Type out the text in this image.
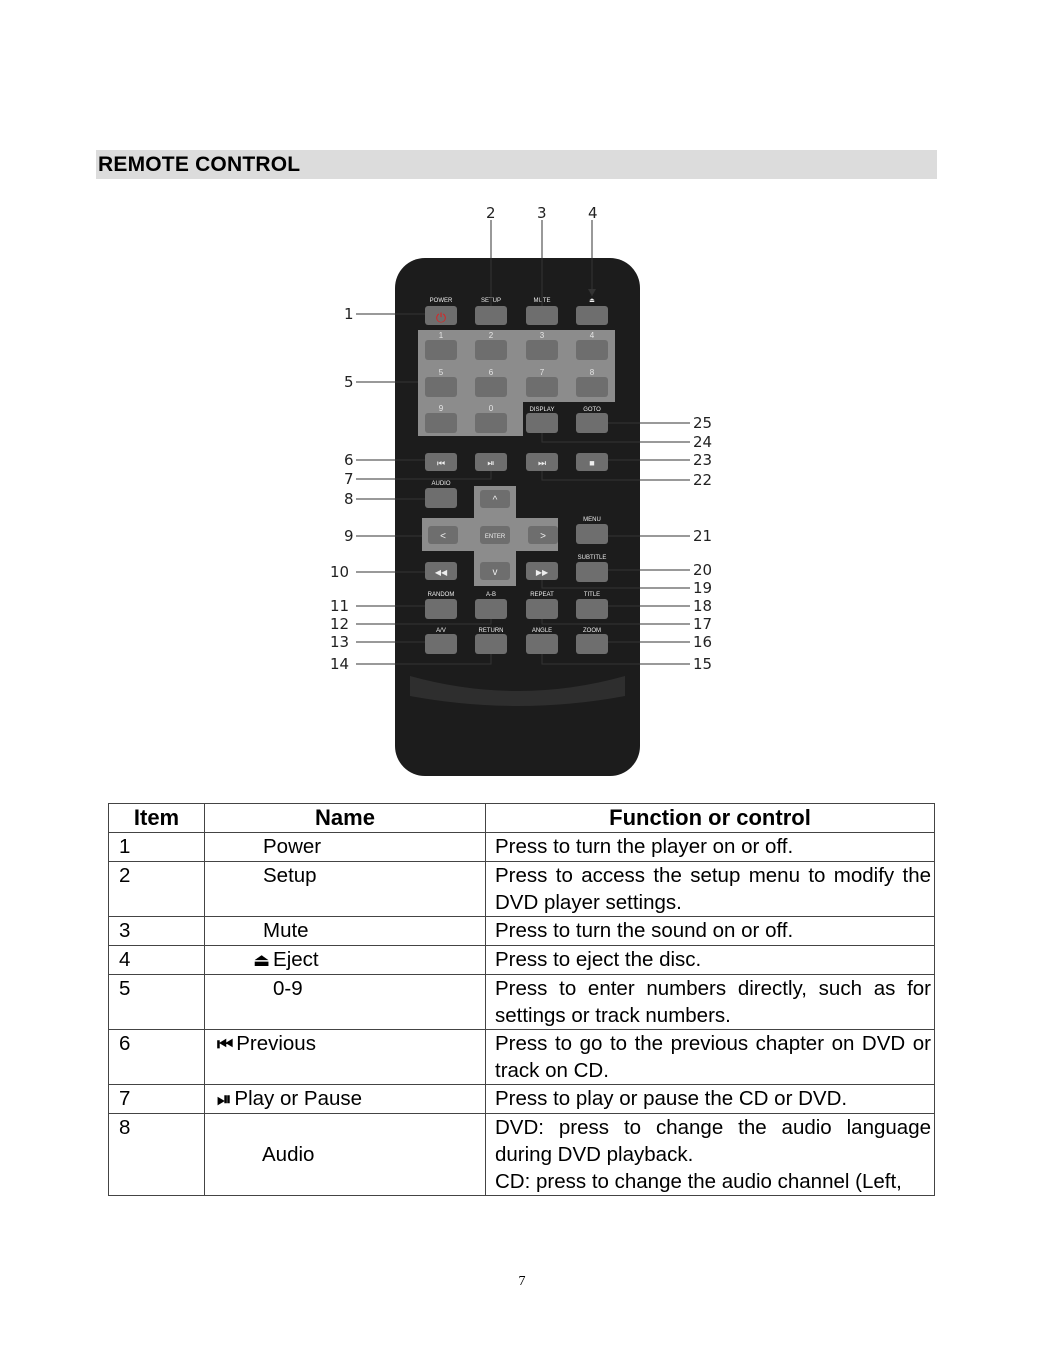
REMOTE CONTROL
⏻
POWER	SETUP	MUTE	⏏
1	2	3	4
5	6	7	8
9	0	DISPLAY	GOTO
⏮	⏯	⏭	■
AUDIO
^
<	ENTER	>
v
MENU
SUBTITLE
◀◀	▶▶
RANDOM	A-B	REPEAT	TITLE
A/V	RETURN	ANGLE	ZOOM
1
2	3	4
5
6
7
8
9
10
11
12
13
14	15
16
17
18
19
20
21
22
23
24
25
Item	Name	Function or control
1	Power	Press to turn the player on or off.
2	Setup	Press to access the setup menu to modify the DVD player settings.
3	Mute	Press to turn the sound on or off.
4	⏏ Eject	Press to eject the disc.
5	0-9	Press to enter numbers directly, such as for settings or track numbers.
6	⏮ Previous	Press to go to the previous chapter on DVD or track on CD.
7	⏯ Play or Pause	Press to play or pause the CD or DVD.
8	Audio	DVD: press to change the audio language during DVD playback.
CD: press to change the audio channel (Left,
7
